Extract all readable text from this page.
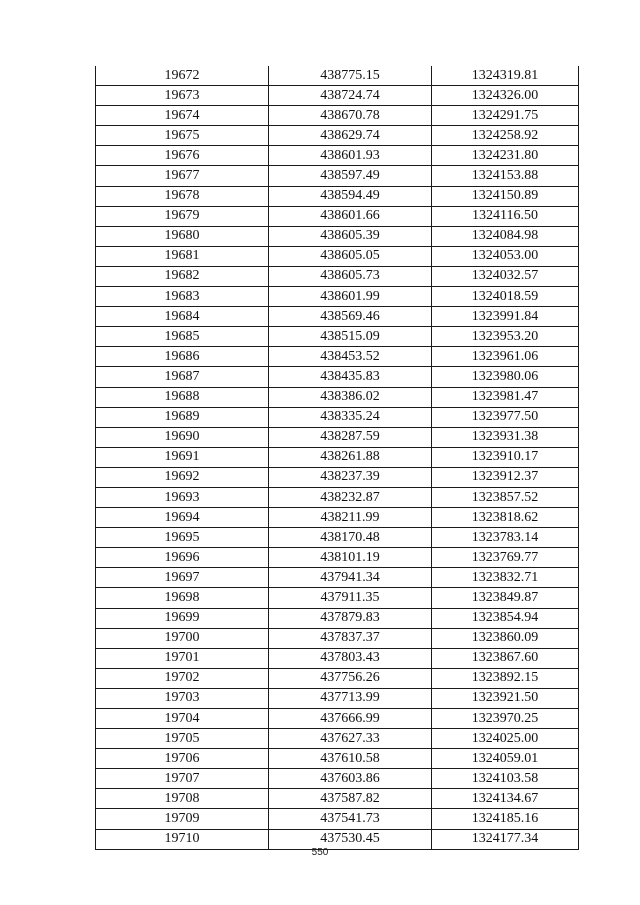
19672	438775.15	1324319.81
19673	438724.74	1324326.00
19674	438670.78	1324291.75
19675	438629.74	1324258.92
19676	438601.93	1324231.80
19677	438597.49	1324153.88
19678	438594.49	1324150.89
19679	438601.66	1324116.50
19680	438605.39	1324084.98
19681	438605.05	1324053.00
19682	438605.73	1324032.57
19683	438601.99	1324018.59
19684	438569.46	1323991.84
19685	438515.09	1323953.20
19686	438453.52	1323961.06
19687	438435.83	1323980.06
19688	438386.02	1323981.47
19689	438335.24	1323977.50
19690	438287.59	1323931.38
19691	438261.88	1323910.17
19692	438237.39	1323912.37
19693	438232.87	1323857.52
19694	438211.99	1323818.62
19695	438170.48	1323783.14
19696	438101.19	1323769.77
19697	437941.34	1323832.71
19698	437911.35	1323849.87
19699	437879.83	1323854.94
19700	437837.37	1323860.09
19701	437803.43	1323867.60
19702	437756.26	1323892.15
19703	437713.99	1323921.50
19704	437666.99	1323970.25
19705	437627.33	1324025.00
19706	437610.58	1324059.01
19707	437603.86	1324103.58
19708	437587.82	1324134.67
19709	437541.73	1324185.16
19710	437530.45	1324177.34
550
